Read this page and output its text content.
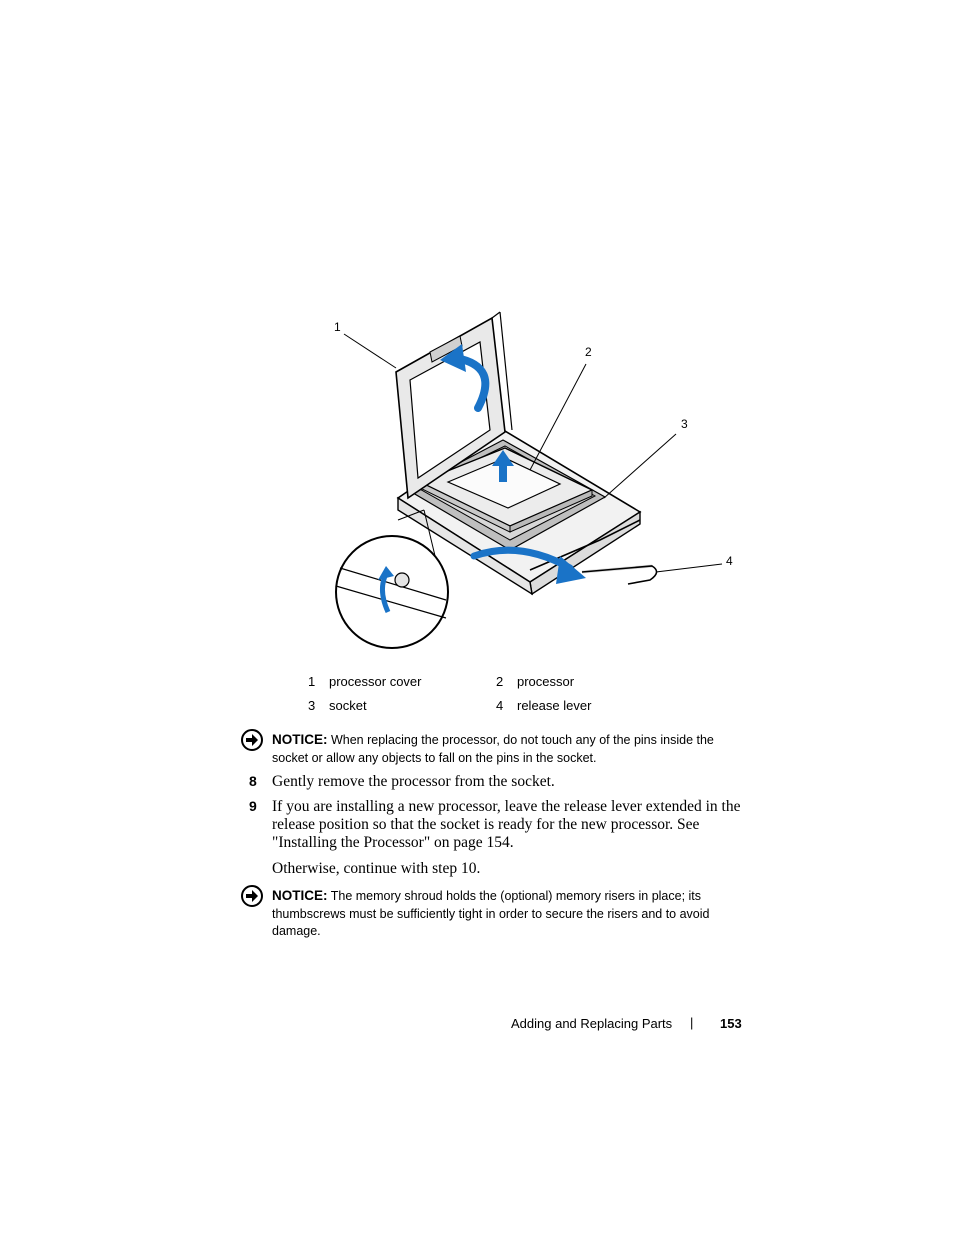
1
2
3
4
1 processor cover	2 processor
3 socket	4 release lever
NOTICE: When replacing the processor, do not touch any of the pins inside the socket or allow any objects to fall on the pins in the socket.
8 Gently remove the processor from the socket.
9 If you are installing a new processor, leave the release lever extended in the release position so that the socket is ready for the new processor. See "Installing the Processor" on page 154.
Otherwise, continue with step 10.
NOTICE: The memory shroud holds the (optional) memory risers in place; its thumbscrews must be sufficiently tight in order to secure the risers and to avoid damage.
Adding and Replacing Parts | 153
